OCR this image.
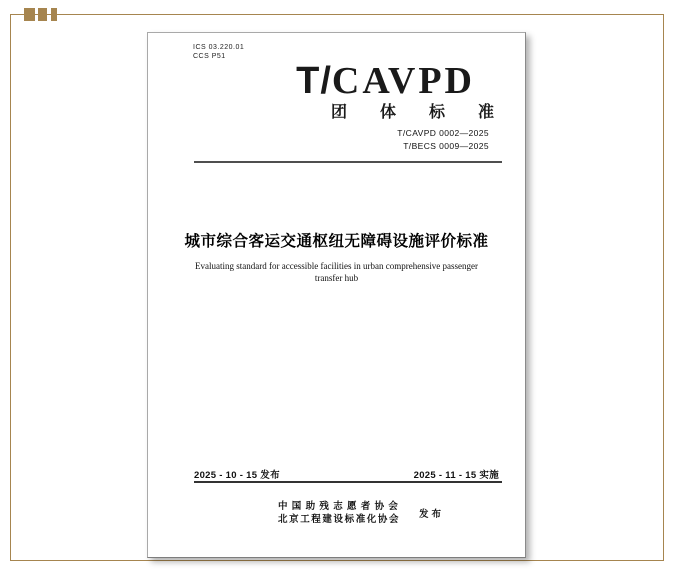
ICS 03.220.01
CCS P51
T/CAVPD
团体标准
T/CAVPD 0002—2025
T/BECS 0009—2025
城市综合客运交通枢纽无障碍设施评价标准
Evaluating standard for accessible facilities in urban comprehensive passenger transfer hub
2025 - 10 - 15 发布	2025 - 11 - 15 实施
中国助残志愿者协会
北京工程建设标准化协会 发布
